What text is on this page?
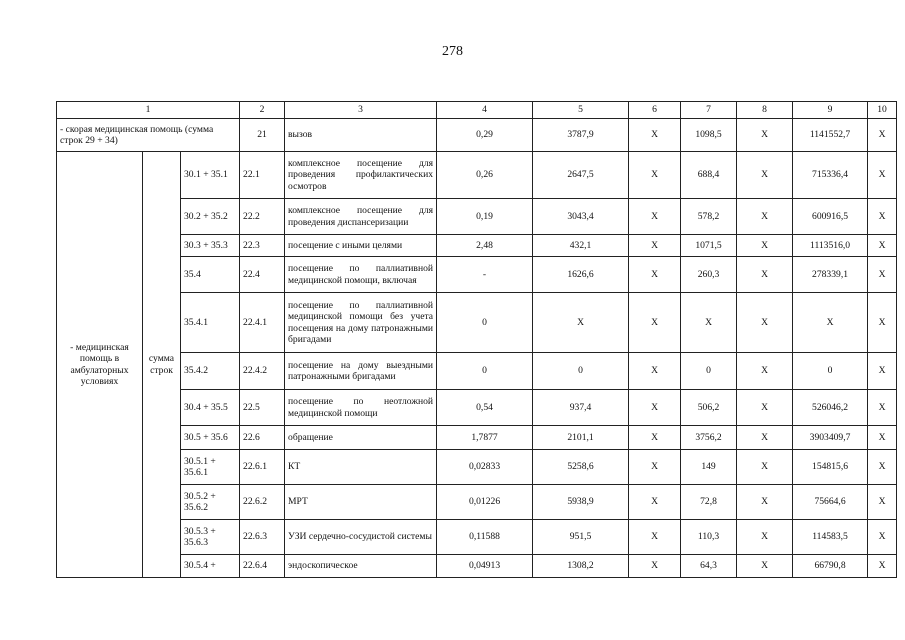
278
1			2	3	4	5	6	7	8	9	10
- скорая медицинская помощь (сумма строк 29 + 34)			21	вызов	0,29	3787,9	X	1098,5	X	1141552,7	X
- медицинская помощь в амбулаторных условиях	сумма строк	30.1 + 35.1	22.1	комплексное посещение для проведения профилактических осмотров	0,26	2647,5	X	688,4	X	715336,4	X
		30.2 + 35.2	22.2	комплексное посещение для проведения диспансеризации	0,19	3043,4	X	578,2	X	600916,5	X
		30.3 + 35.3	22.3	посещение с иными целями	2,48	432,1	X	1071,5	X	1113516,0	X
		35.4	22.4	посещение по паллиативной медицинской помощи, включая	-	1626,6	X	260,3	X	278339,1	X
		35.4.1	22.4.1	посещение по паллиативной медицинской помощи без учета посещения на дому патронажными бригадами	0	X	X	X	X	X	X
		35.4.2	22.4.2	посещение на дому выездными патронажными бригадами	0	0	X	0	X	0	X
		30.4 + 35.5	22.5	посещение по неотложной медицинской помощи	0,54	937,4	X	506,2	X	526046,2	X
		30.5 + 35.6	22.6	обращение	1,7877	2101,1	X	3756,2	X	3903409,7	X
		30.5.1 + 35.6.1	22.6.1	КТ	0,02833	5258,6	X	149	X	154815,6	X
		30.5.2 + 35.6.2	22.6.2	МРТ	0,01226	5938,9	X	72,8	X	75664,6	X
		30.5.3 + 35.6.3	22.6.3	УЗИ сердечно-сосудистой системы	0,11588	951,5	X	110,3	X	114583,5	X
		30.5.4 +	22.6.4	эндоскопическое	0,04913	1308,2	X	64,3	X	66790,8	X
